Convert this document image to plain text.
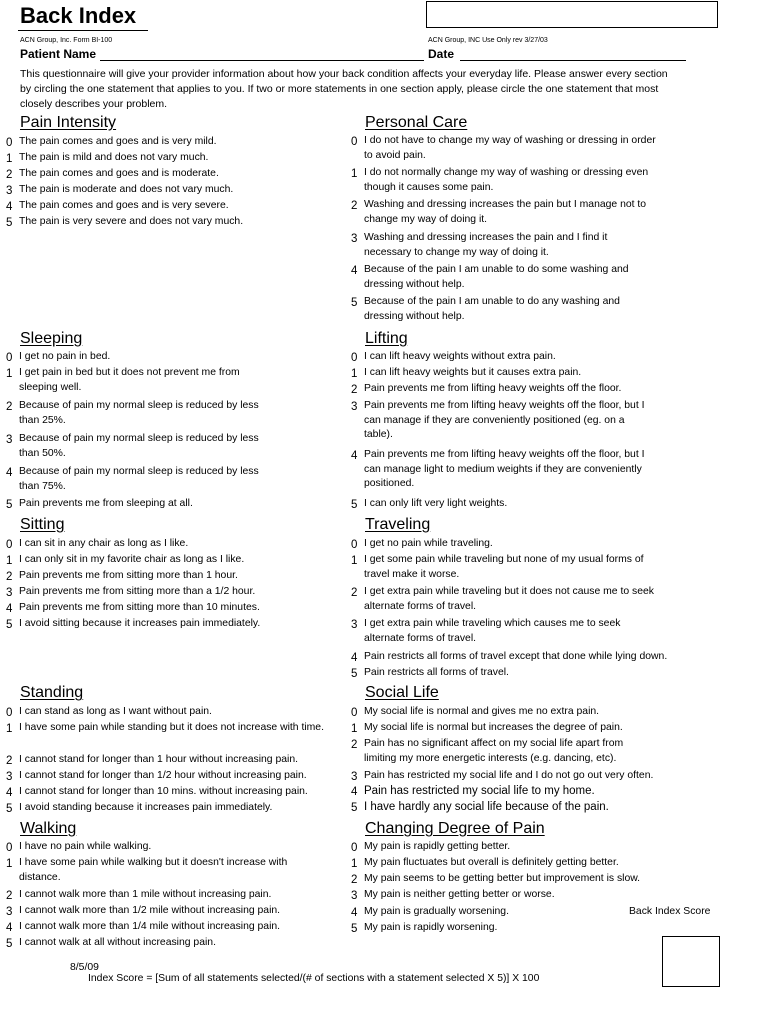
Back Index
ACN Group, Inc. Form BI-100	ACN Group, INC Use Only rev 3/27/03
Patient Name	Date
This questionnaire will give your provider information about how your back condition affects your everyday life. Please answer every section by circling the one statement that applies to you. If two or more statements in one section apply, please circle the one statement that most closely describes your problem.
Pain Intensity
0 The pain comes and goes and is very mild.
1 The pain is mild and does not vary much.
2 The pain comes and goes and is moderate.
3 The pain is moderate and does not vary much.
4 The pain comes and goes and is very severe.
5 The pain is very severe and does not vary much.
Personal Care
0 I do not have to change my way of washing or dressing in order to avoid pain.
1 I do not normally change my way of washing or dressing even though it causes some pain.
2 Washing and dressing increases the pain but I manage not to change my way of doing it.
3 Washing and dressing increases the pain and I find it necessary to change my way of doing it.
4 Because of the pain I am unable to do some washing and dressing without help.
5 Because of the pain I am unable to do any washing and dressing without help.
Sleeping
0 I get no pain in bed.
1 I get pain in bed but it does not prevent me from sleeping well.
2 Because of pain my normal sleep is reduced by less than 25%.
3 Because of pain my normal sleep is reduced by less than 50%.
4 Because of pain my normal sleep is reduced by less than 75%.
5 Pain prevents me from sleeping at all.
Lifting
0 I can lift heavy weights without extra pain.
1 I can lift heavy weights but it causes extra pain.
2 Pain prevents me from lifting heavy weights off the floor.
3 Pain prevents me from lifting heavy weights off the floor, but I can manage if they are conveniently positioned (eg. on a table).
4 Pain prevents me from lifting heavy weights off the floor, but I can manage light to medium weights if they are conveniently positioned.
5 I can only lift very light weights.
Sitting
0 I can sit in any chair as long as I like.
1 I can only sit in my favorite chair as long as I like.
2 Pain prevents me from sitting more than 1 hour.
3 Pain prevents me from sitting more than a 1/2 hour.
4 Pain prevents me from sitting more than 10 minutes.
5 I avoid sitting because it increases pain immediately.
Traveling
0 I get no pain while traveling.
1 I get some pain while traveling but none of my usual forms of travel make it worse.
2 I get extra pain while traveling but it does not cause me to seek alternate forms of travel.
3 I get extra pain while traveling which causes me to seek alternate forms of travel.
4 Pain restricts all forms of travel except that done while lying down.
5 Pain restricts all forms of travel.
Standing
0 I can stand as long as I want without pain.
1 I have some pain while standing but it does not increase with time.
2 I cannot stand for longer than 1 hour without increasing pain.
3 I cannot stand for longer than 1/2 hour without increasing pain.
4 I cannot stand for longer than 10 mins. without increasing pain.
5 I avoid standing because it increases pain immediately.
Social Life
0 My social life is normal and gives me no extra pain.
1 My social life is normal but increases the degree of pain.
2 Pain has no significant affect on my social life apart from limiting my more energetic interests (e.g. dancing, etc).
3 Pain has restricted my social life and I do not go out very often.
4 Pain has restricted my social life to my home.
5 I have hardly any social life because of the pain.
Walking
0 I have no pain while walking.
1 I have some pain while walking but it doesn't increase with distance.
2 I cannot walk more than 1 mile without increasing pain.
3 I cannot walk more than 1/2 mile without increasing pain.
4 I cannot walk more than 1/4 mile without increasing pain.
5 I cannot walk at all without increasing pain.
Changing Degree of Pain
0 My pain is rapidly getting better.
1 My pain fluctuates but overall is definitely getting better.
2 My pain seems to be getting better but improvement is slow.
3 My pain is neither getting better or worse.
4 My pain is gradually worsening.
5 My pain is rapidly worsening.
Back Index Score
8/5/09
Index Score = [Sum of all statements selected/(# of sections with a statement selected X 5)] X 100
